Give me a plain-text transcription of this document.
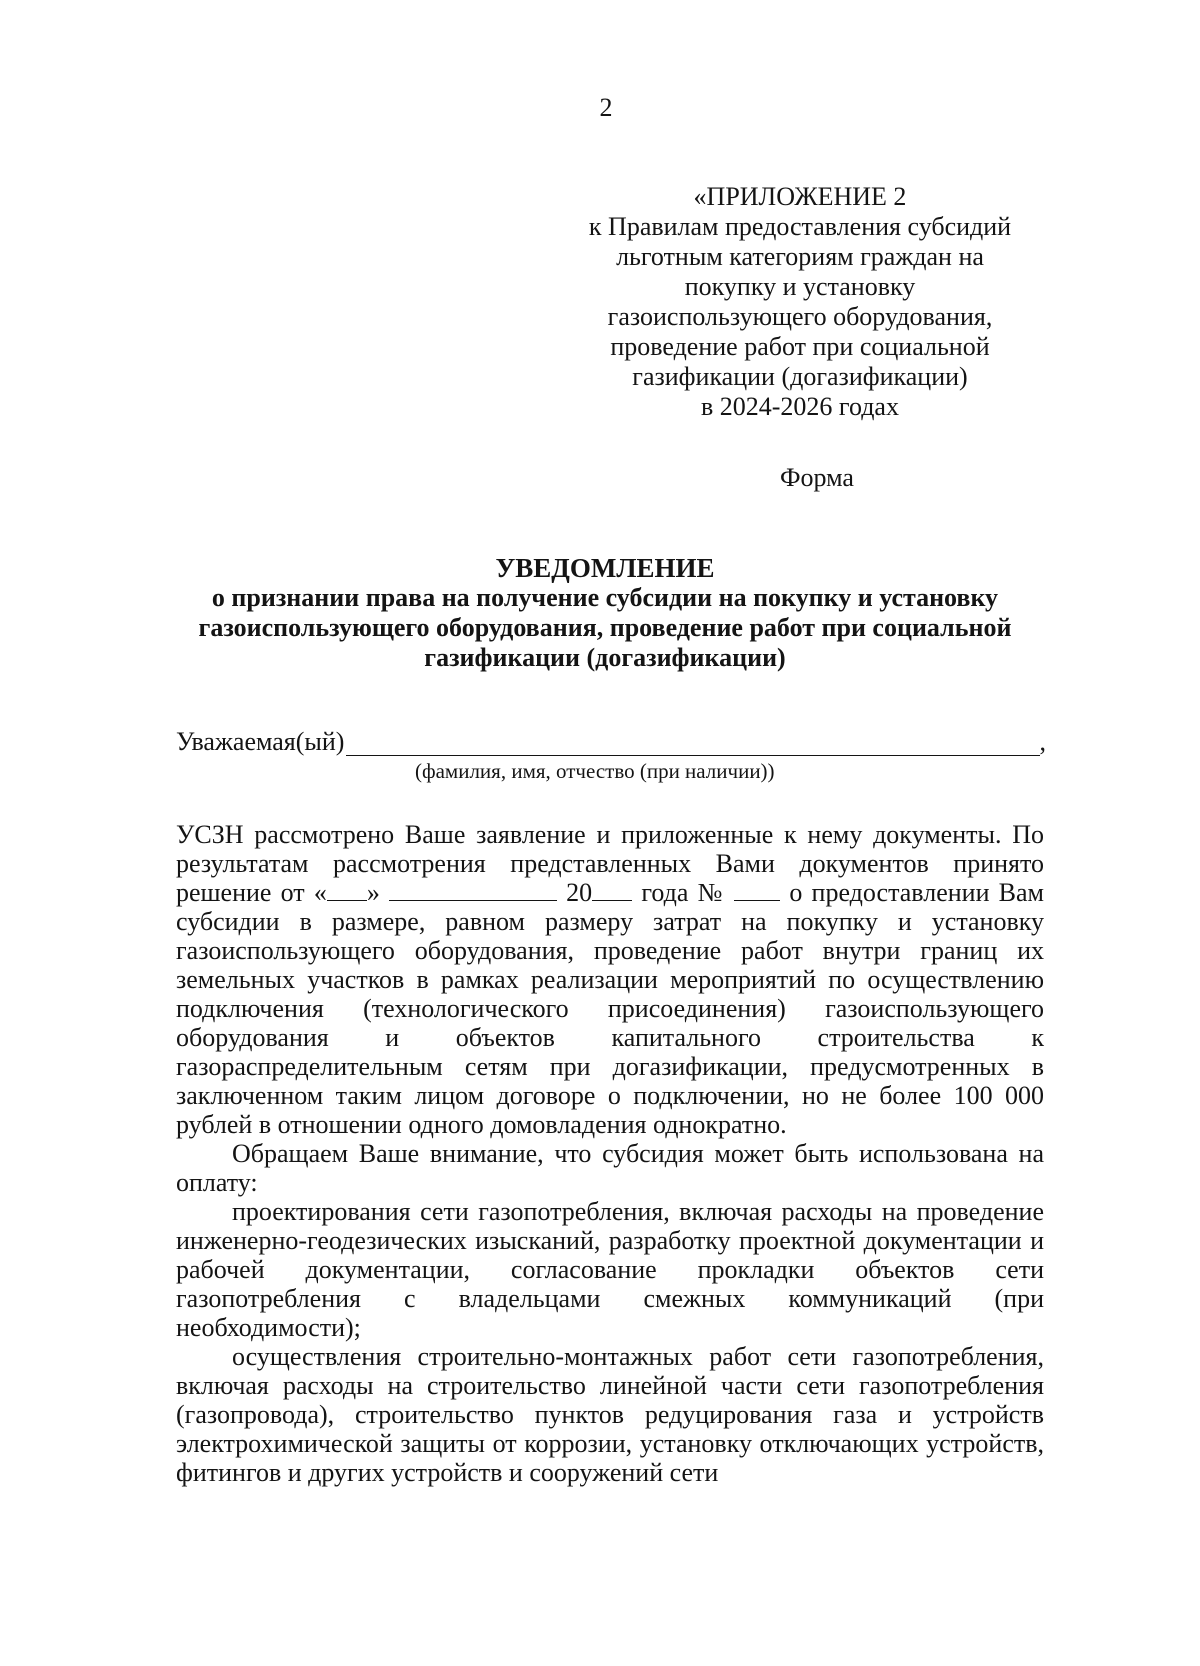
2
«ПРИЛОЖЕНИЕ 2
к Правилам предоставления субсидий
льготным категориям граждан на
покупку и установку
газоиспользующего оборудования,
проведение работ при социальной
газификации (догазификации)
в 2024-2026 годах
Форма
УВЕДОМЛЕНИЕ
о признании права на получение субсидии на покупку и установку
газоиспользующего оборудования, проведение работ при социальной
газификации (догазификации)
Уважаемая(ый)	,
(фамилия, имя, отчество (при наличии))

УСЗН рассмотрено Ваше заявление и приложенные к нему документы. По результатам рассмотрения представленных Вами документов принято решение от « »	20 года №  о предоставлении Вам субсидии в размере, равном размеру затрат на покупку и установку газоиспользующего оборудования, проведение работ внутри границ их земельных участков в рамках реализации мероприятий по осуществлению подключения (технологического присоединения) газоиспользующего оборудования и объектов капитального строительства к газораспределительным сетям при догазификации, предусмотренных в заключенном таким лицом договоре о подключении, но не более 100 000 рублей в отношении одного домовладения однократно.

Обращаем Ваше внимание, что субсидия может быть использована на оплату:

проектирования сети газопотребления, включая расходы на проведение инженерно-геодезических изысканий, разработку проектной документации и рабочей документации, согласование прокладки объектов сети газопотребления с владельцами смежных коммуникаций (при необходимости);

осуществления строительно-монтажных работ сети газопотребления, включая расходы на строительство линейной части сети газопотребления (газопровода), строительство пунктов редуцирования газа и устройств электрохимической защиты от коррозии, установку отключающих устройств, фитингов и других устройств и сооружений сети
